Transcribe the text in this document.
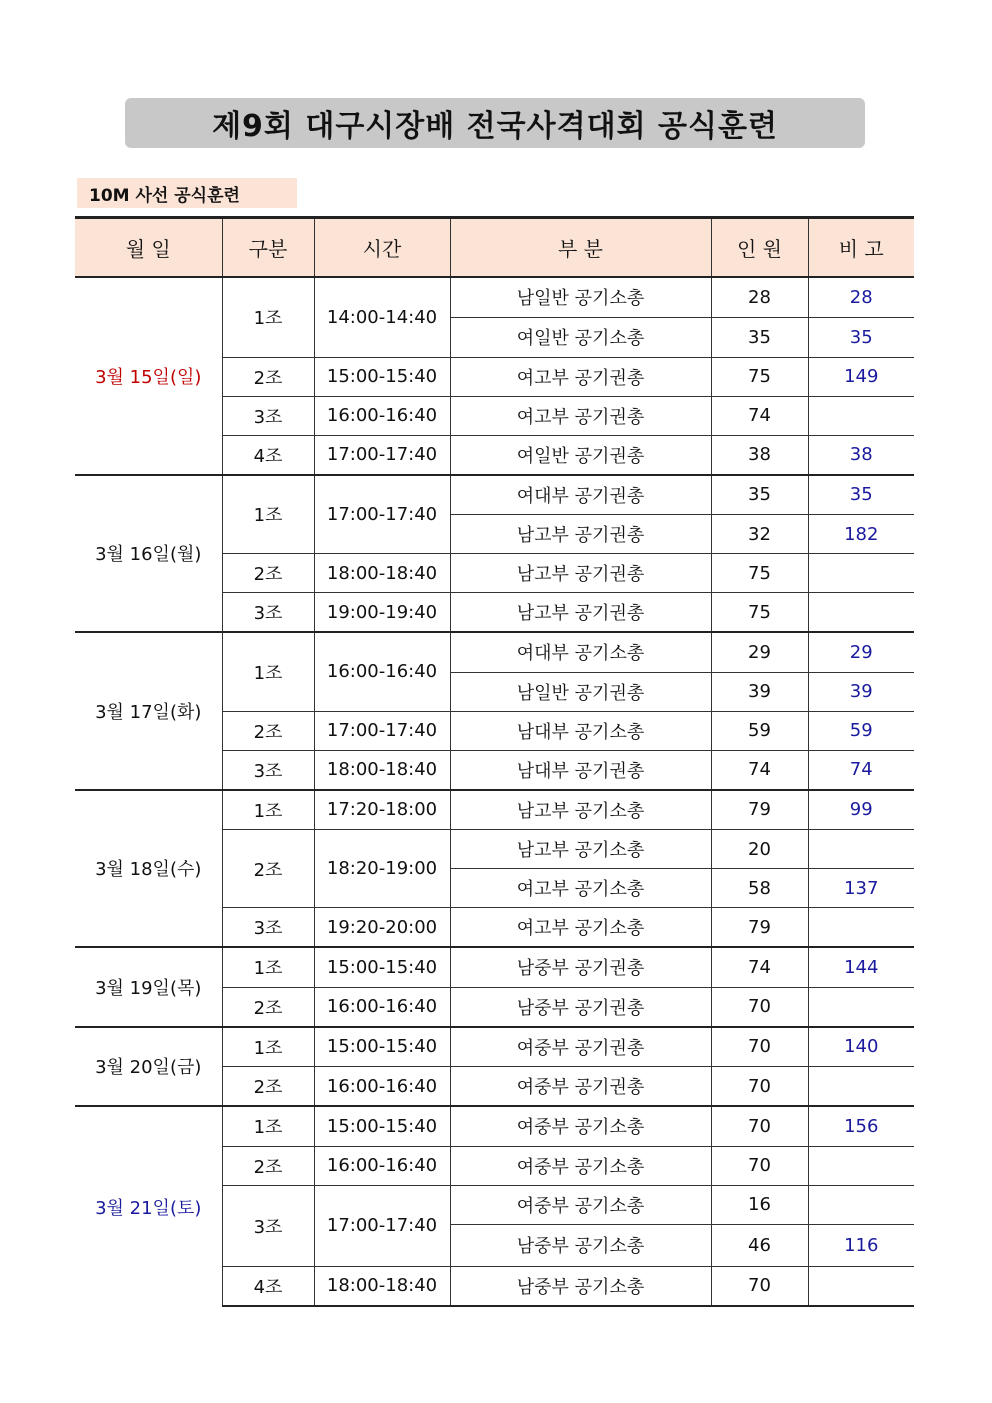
제9회 대구시장배 전국사격대회 공식훈련
10M 사선 공식훈련
월 일	구분	시간	부 분	인 원	비 고
3월 15일(일)	1조	14:00-14:40	남일반 공기소총	28	28
			여일반 공기소총	35	35
	2조	15:00-15:40	여고부 공기권총	75	149
	3조	16:00-16:40	여고부 공기권총	74	
	4조	17:00-17:40	여일반 공기권총	38	38
3월 16일(월)	1조	17:00-17:40	여대부 공기권총	35	35
			남고부 공기권총	32	182
	2조	18:00-18:40	남고부 공기권총	75	
	3조	19:00-19:40	남고부 공기권총	75	
3월 17일(화)	1조	16:00-16:40	여대부 공기소총	29	29
			남일반 공기권총	39	39
	2조	17:00-17:40	남대부 공기소총	59	59
	3조	18:00-18:40	남대부 공기권총	74	74
3월 18일(수)	1조	17:20-18:00	남고부 공기소총	79	99
	2조	18:20-19:00	남고부 공기소총	20	
			여고부 공기소총	58	137
	3조	19:20-20:00	여고부 공기소총	79	
3월 19일(목)	1조	15:00-15:40	남중부 공기권총	74	144
	2조	16:00-16:40	남중부 공기권총	70	
3월 20일(금)	1조	15:00-15:40	여중부 공기권총	70	140
	2조	16:00-16:40	여중부 공기권총	70	
3월 21일(토)	1조	15:00-15:40	여중부 공기소총	70	156
	2조	16:00-16:40	여중부 공기소총	70	
	3조	17:00-17:40	여중부 공기소총	16	
			남중부 공기소총	46	116
	4조	18:00-18:40	남중부 공기소총	70	
